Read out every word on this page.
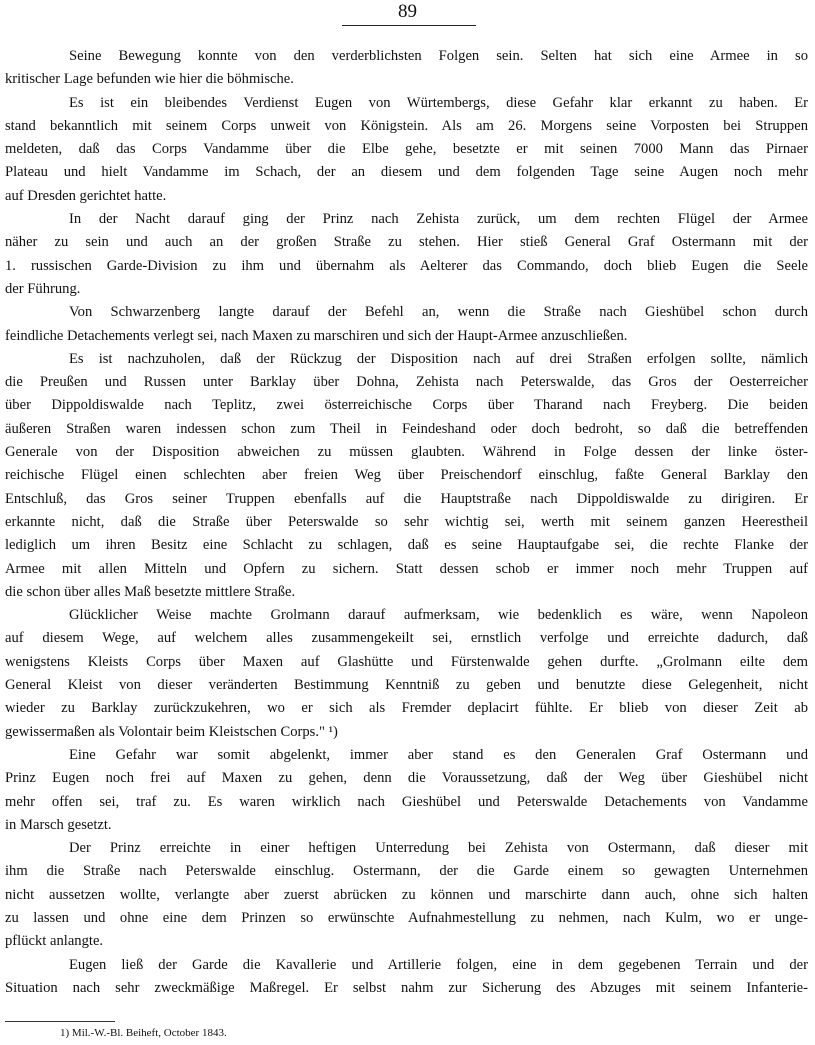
89
Seine Bewegung konnte von den verderblichsten Folgen sein. Selten hat sich eine Armee in so
kritischer Lage befunden wie hier die böhmische.
Es ist ein bleibendes Verdienst Eugen von Würtembergs, diese Gefahr klar erkannt zu haben. Er
stand bekanntlich mit seinem Corps unweit von Königstein. Als am 26. Morgens seine Vorposten bei Struppen
meldeten, daß das Corps Vandamme über die Elbe gehe, besetzte er mit seinen 7000 Mann das Pirnaer
Plateau und hielt Vandamme im Schach, der an diesem und dem folgenden Tage seine Augen noch mehr
auf Dresden gerichtet hatte.
In der Nacht darauf ging der Prinz nach Zehista zurück, um dem rechten Flügel der Armee
näher zu sein und auch an der großen Straße zu stehen. Hier stieß General Graf Ostermann mit der
1. russischen Garde-Division zu ihm und übernahm als Aelterer das Commando, doch blieb Eugen die Seele
der Führung.
Von Schwarzenberg langte darauf der Befehl an, wenn die Straße nach Gieshübel schon durch
feindliche Detachements verlegt sei, nach Maxen zu marschiren und sich der Haupt-Armee anzuschließen.
Es ist nachzuholen, daß der Rückzug der Disposition nach auf drei Straßen erfolgen sollte, nämlich
die Preußen und Russen unter Barklay über Dohna, Zehista nach Peterswalde, das Gros der Oesterreicher
über Dippoldiswalde nach Teplitz, zwei österreichische Corps über Tharand nach Freyberg. Die beiden
äußeren Straßen waren indessen schon zum Theil in Feindeshand oder doch bedroht, so daß die betreffenden
Generale von der Disposition abweichen zu müssen glaubten. Während in Folge dessen der linke öster-
reichische Flügel einen schlechten aber freien Weg über Preischendorf einschlug, faßte General Barklay den
Entschluß, das Gros seiner Truppen ebenfalls auf die Hauptstraße nach Dippoldiswalde zu dirigiren. Er
erkannte nicht, daß die Straße über Peterswalde so sehr wichtig sei, werth mit seinem ganzen Heerestheil
lediglich um ihren Besitz eine Schlacht zu schlagen, daß es seine Hauptaufgabe sei, die rechte Flanke der
Armee mit allen Mitteln und Opfern zu sichern. Statt dessen schob er immer noch mehr Truppen auf
die schon über alles Maß besetzte mittlere Straße.
Glücklicher Weise machte Grolmann darauf aufmerksam, wie bedenklich es wäre, wenn Napoleon
auf diesem Wege, auf welchem alles zusammengekeilt sei, ernstlich verfolge und erreichte dadurch, daß
wenigstens Kleists Corps über Maxen auf Glashütte und Fürstenwalde gehen durfte. „Grolmann eilte dem
General Kleist von dieser veränderten Bestimmung Kenntniß zu geben und benutzte diese Gelegenheit, nicht
wieder zu Barklay zurückzukehren, wo er sich als Fremder deplacirt fühlte. Er blieb von dieser Zeit ab
gewissermaßen als Volontair beim Kleistschen Corps." ¹)
Eine Gefahr war somit abgelenkt, immer aber stand es den Generalen Graf Ostermann und
Prinz Eugen noch frei auf Maxen zu gehen, denn die Voraussetzung, daß der Weg über Gieshübel nicht
mehr offen sei, traf zu. Es waren wirklich nach Gieshübel und Peterswalde Detachements von Vandamme
in Marsch gesetzt.
Der Prinz erreichte in einer heftigen Unterredung bei Zehista von Ostermann, daß dieser mit
ihm die Straße nach Peterswalde einschlug. Ostermann, der die Garde einem so gewagten Unternehmen
nicht aussetzen wollte, verlangte aber zuerst abrücken zu können und marschirte dann auch, ohne sich halten
zu lassen und ohne eine dem Prinzen so erwünschte Aufnahmestellung zu nehmen, nach Kulm, wo er unge-
pflückt anlangte.
Eugen ließ der Garde die Kavallerie und Artillerie folgen, eine in dem gegebenen Terrain und der
Situation nach sehr zweckmäßige Maßregel. Er selbst nahm zur Sicherung des Abzuges mit seinem Infanterie-
1) Mil.-W.-Bl. Beiheft, October 1843.
